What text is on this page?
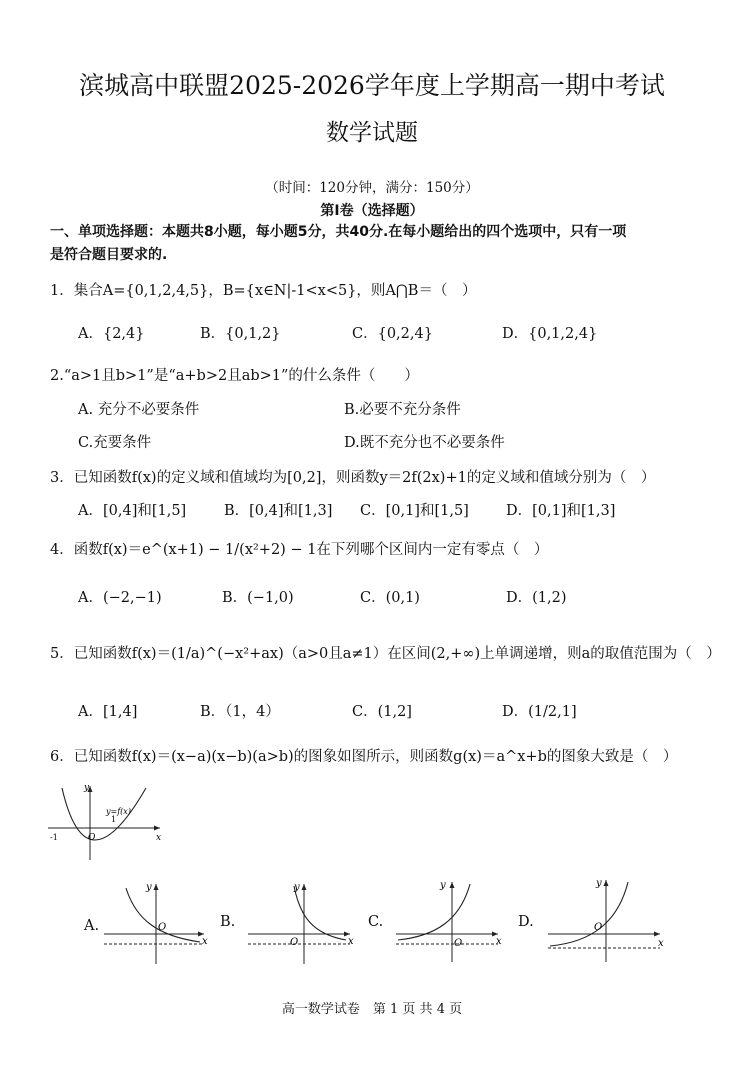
滨城高中联盟2025-2026学年度上学期高一期中考试
数学试题
（时间：120分钟，满分：150分）
第Ⅰ卷（选择题）
一、单项选择题：本题共8小题，每小题5分，共40分.在每小题给出的四个选项中，只有一项
是符合题目要求的.
1．集合A={0,1,2,4,5}，B={x∈N|-1<x<5}，则A⋂B＝（　）
A．{2,4}	B．{0,1,2}	C．{0,2,4}	D．{0,1,2,4}
2.“a>1且b>1”是“a+b>2且ab>1”的什么条件（　　）
A. 充分不必要条件	B.必要不充分条件
C.充要条件	D.既不充分也不必要条件
3．已知函数f(x)的定义域和值域均为[0,2]，则函数y＝2f(2x)+1的定义域和值域分别为（　）
A．[0,4]和[1,5]	B．[0,4]和[1,3] C．[0,1]和[1,5]	D．[0,1]和[1,3]
4．函数f(x)＝e^(x+1) − 1/(x²+2) − 1在下列哪个区间内一定有零点（　）
A．(−2,−1)	B．(−1,0)	C．(0,1)	D．(1,2)
5．已知函数f(x)＝(1/a)^(−x²+ax)（a>0且a≠1）在区间(2,+∞)上单调递增，则a的取值范围为（　）
A．[1,4]	B．（1，4）	C．(1,2]	D．(1/2,1]
6．已知函数f(x)＝(x−a)(x−b)(a>b)的图象如图所示，则函数g(x)＝a^x+b的图象大致是（　）
y
x
O
y=f(x)
-1
1
A.
y
x
O	B.
y
x
O
C.
y
x
O
D.
y
x
O
高一数学试卷　第 1 页 共 4 页
